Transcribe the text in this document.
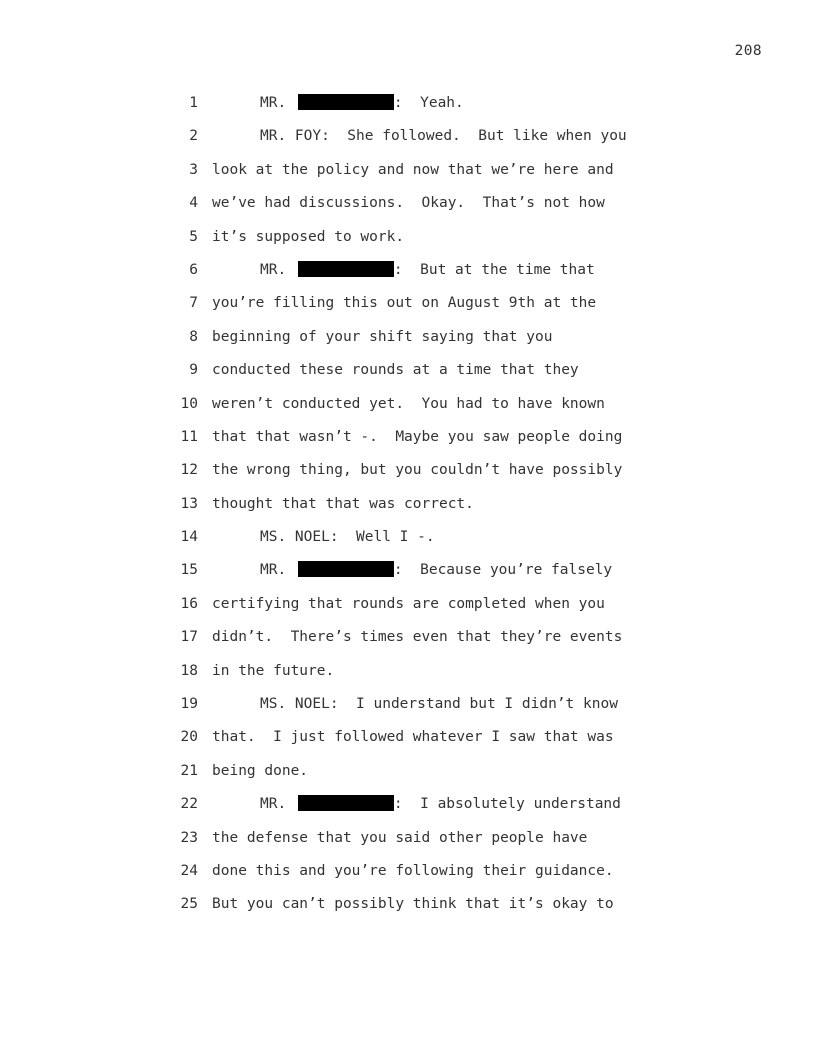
208
1	MR.	:  Yeah.
2	MR. FOY:  She followed.  But like when you
3 look at the policy and now that we’re here and
4 we’ve had discussions.  Okay.  That’s not how
5 it’s supposed to work.
6	MR.	:  But at the time that
7 you’re filling this out on August 9th at the
8 beginning of your shift saying that you
9 conducted these rounds at a time that they
10 weren’t conducted yet.  You had to have known
11 that that wasn’t -.  Maybe you saw people doing
12 the wrong thing, but you couldn’t have possibly
13 thought that that was correct.
14	MS. NOEL:  Well I -.
15	MR.	:  Because you’re falsely
16 certifying that rounds are completed when you
17 didn’t.  There’s times even that they’re events
18 in the future.
19	MS. NOEL:  I understand but I didn’t know
20 that.  I just followed whatever I saw that was
21 being done.
22	MR.	:  I absolutely understand
23 the defense that you said other people have
24 done this and you’re following their guidance.
25 But you can’t possibly think that it’s okay to
